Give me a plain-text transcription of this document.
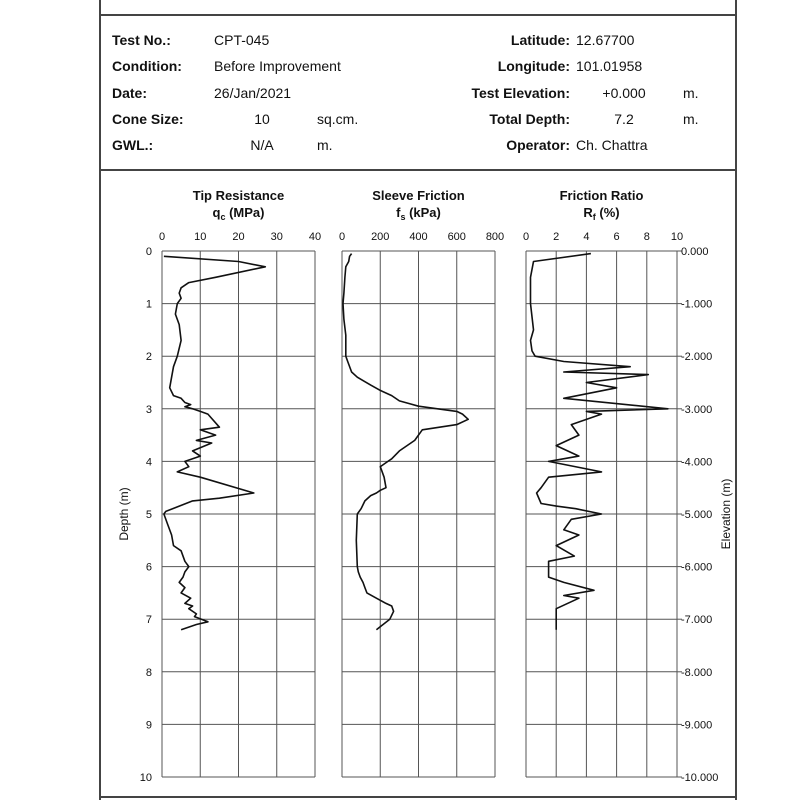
Test No.:	CPT-045
Condition: Before Improvement
Date:	26/Jan/2021
Cone Size:	10	sq.cm.
GWL.:	N/A	m.
Latitude: 12.67700
Longitude: 101.01958
Test Elevation:	+0.000	m.
Total Depth:	7.2	m.
Operator: Ch. Chattra
Tip Resistance
$q_c$ (MPa)
0	10 20 30 40
0
1
2
3
4
5
6
7
8
9
10
Depth (m)
Sleeve Friction
$f_s$ (kPa)
0 200 400 600 800
Friction Ratio
$R_f$ (%)
0 2 4 6 8 10
0.000
-1.000
-2.000
-3.000
-4.000
-5.000
-6.000
-7.000
-8.000
-9.000
-10.000
Elevation (m)
